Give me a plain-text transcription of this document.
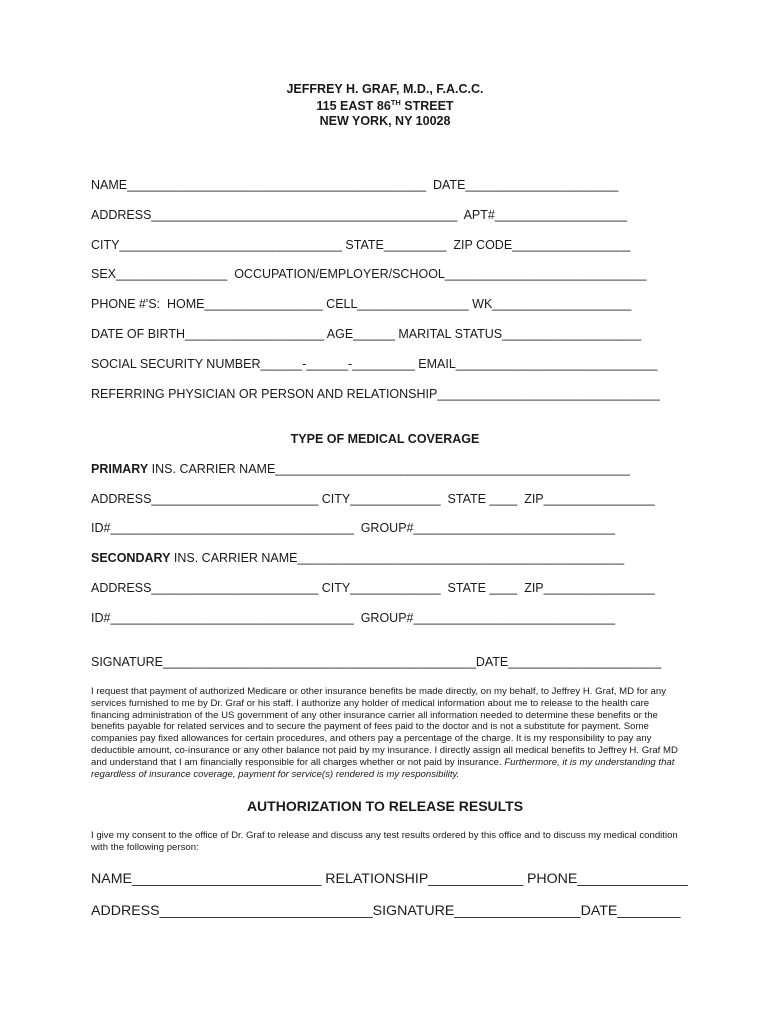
JEFFREY H. GRAF, M.D., F.A.C.C.
115 EAST 86TH STREET
NEW YORK, NY 10028
NAME___________________________________________  DATE______________________
ADDRESS____________________________________________  APT#___________________
CITY________________________________ STATE_________  ZIP CODE_________________
SEX________________  OCCUPATION/EMPLOYER/SCHOOL_____________________________
PHONE #'S:  HOME_________________ CELL________________ WK____________________
DATE OF BIRTH____________________ AGE______ MARITAL STATUS____________________
SOCIAL SECURITY NUMBER______-______-_________ EMAIL_____________________________
REFERRING PHYSICIAN OR PERSON AND RELATIONSHIP________________________________
TYPE OF MEDICAL COVERAGE
PRIMARY INS. CARRIER NAME___________________________________________________
ADDRESS________________________ CITY_____________  STATE ____  ZIP________________
ID#___________________________________  GROUP#_____________________________
SECONDARY INS. CARRIER NAME_______________________________________________
ADDRESS________________________ CITY_____________  STATE ____  ZIP________________
ID#___________________________________  GROUP#_____________________________
SIGNATURE_____________________________________________DATE______________________
I request that payment of authorized Medicare or other insurance benefits be made directly, on my behalf, to Jeffrey H. Graf, MD for any services furnished to me by Dr. Graf or his staff. I authorize any holder of medical information about me to release to the health care financing administration of the US government of any other insurance carrier all information needed to determine these benefits or the benefits payable for related services and to secure the payment of fees paid to the doctor and is not a substitute for payment. Some companies pay fixed allowances for certain procedures, and others pay a percentage of the charge. It is my responsibility to pay any deductible amount, co-insurance or any other balance not paid by my insurance. I directly assign all medical benefits to Jeffrey H. Graf MD and understand that I am financially responsible for all charges whether or not paid by insurance. Furthermore, it is my understanding that regardless of insurance coverage, payment for service(s) rendered is my responsibility.
AUTHORIZATION TO RELEASE RESULTS
I give my consent to the office of Dr. Graf to release and discuss any test results ordered by this office and to discuss my medical condition with the following person:
NAME________________________ RELATIONSHIP____________ PHONE______________
ADDRESS___________________________SIGNATURE________________DATE________
